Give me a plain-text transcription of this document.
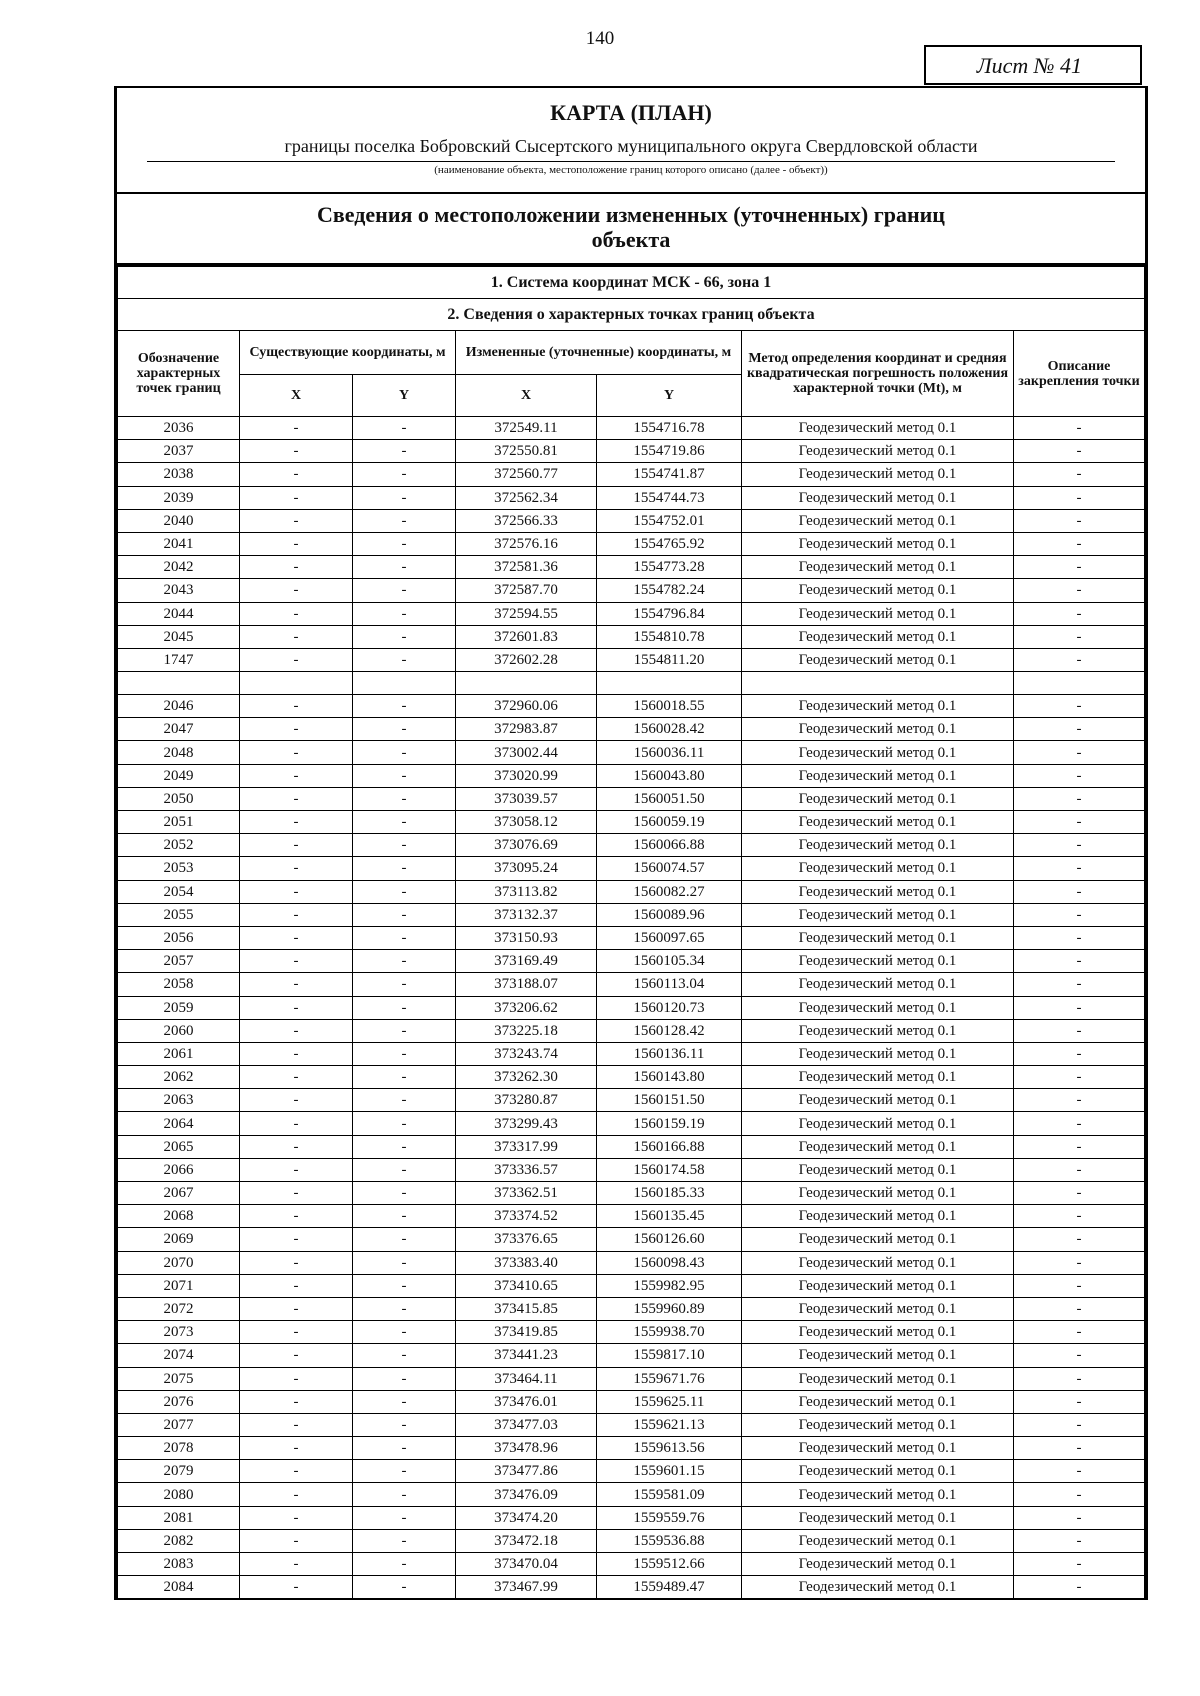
140
Лист № 41
КАРТА (ПЛАН)
границы поселка Бобровский Сысертского муниципального округа Свердловской области
(наименование объекта, местоположение границ которого описано (далее - объект))
Сведения о местоположении измененных (уточненных) границ
объекта
1. Система координат МСК - 66, зона 1						
2. Сведения о характерных точках границ объекта						
Обозначение характерных точек границ	Существующие координаты, м		Измененные (уточненные) координаты, м		Метод определения координат и средняя квадратическая погрешность положения характерной точки (Mt), м	Описание закрепления точки
	X	Y	X	Y		
2036	-	-	372549.11	1554716.78	Геодезический метод 0.1	-
2037	-	-	372550.81	1554719.86	Геодезический метод 0.1	-
2038	-	-	372560.77	1554741.87	Геодезический метод 0.1	-
2039	-	-	372562.34	1554744.73	Геодезический метод 0.1	-
2040	-	-	372566.33	1554752.01	Геодезический метод 0.1	-
2041	-	-	372576.16	1554765.92	Геодезический метод 0.1	-
2042	-	-	372581.36	1554773.28	Геодезический метод 0.1	-
2043	-	-	372587.70	1554782.24	Геодезический метод 0.1	-
2044	-	-	372594.55	1554796.84	Геодезический метод 0.1	-
2045	-	-	372601.83	1554810.78	Геодезический метод 0.1	-
1747	-	-	372602.28	1554811.20	Геодезический метод 0.1	-

2046	-	-	372960.06	1560018.55	Геодезический метод 0.1	-
2047	-	-	372983.87	1560028.42	Геодезический метод 0.1	-
2048	-	-	373002.44	1560036.11	Геодезический метод 0.1	-
2049	-	-	373020.99	1560043.80	Геодезический метод 0.1	-
2050	-	-	373039.57	1560051.50	Геодезический метод 0.1	-
2051	-	-	373058.12	1560059.19	Геодезический метод 0.1	-
2052	-	-	373076.69	1560066.88	Геодезический метод 0.1	-
2053	-	-	373095.24	1560074.57	Геодезический метод 0.1	-
2054	-	-	373113.82	1560082.27	Геодезический метод 0.1	-
2055	-	-	373132.37	1560089.96	Геодезический метод 0.1	-
2056	-	-	373150.93	1560097.65	Геодезический метод 0.1	-
2057	-	-	373169.49	1560105.34	Геодезический метод 0.1	-
2058	-	-	373188.07	1560113.04	Геодезический метод 0.1	-
2059	-	-	373206.62	1560120.73	Геодезический метод 0.1	-
2060	-	-	373225.18	1560128.42	Геодезический метод 0.1	-
2061	-	-	373243.74	1560136.11	Геодезический метод 0.1	-
2062	-	-	373262.30	1560143.80	Геодезический метод 0.1	-
2063	-	-	373280.87	1560151.50	Геодезический метод 0.1	-
2064	-	-	373299.43	1560159.19	Геодезический метод 0.1	-
2065	-	-	373317.99	1560166.88	Геодезический метод 0.1	-
2066	-	-	373336.57	1560174.58	Геодезический метод 0.1	-
2067	-	-	373362.51	1560185.33	Геодезический метод 0.1	-
2068	-	-	373374.52	1560135.45	Геодезический метод 0.1	-
2069	-	-	373376.65	1560126.60	Геодезический метод 0.1	-
2070	-	-	373383.40	1560098.43	Геодезический метод 0.1	-
2071	-	-	373410.65	1559982.95	Геодезический метод 0.1	-
2072	-	-	373415.85	1559960.89	Геодезический метод 0.1	-
2073	-	-	373419.85	1559938.70	Геодезический метод 0.1	-
2074	-	-	373441.23	1559817.10	Геодезический метод 0.1	-
2075	-	-	373464.11	1559671.76	Геодезический метод 0.1	-
2076	-	-	373476.01	1559625.11	Геодезический метод 0.1	-
2077	-	-	373477.03	1559621.13	Геодезический метод 0.1	-
2078	-	-	373478.96	1559613.56	Геодезический метод 0.1	-
2079	-	-	373477.86	1559601.15	Геодезический метод 0.1	-
2080	-	-	373476.09	1559581.09	Геодезический метод 0.1	-
2081	-	-	373474.20	1559559.76	Геодезический метод 0.1	-
2082	-	-	373472.18	1559536.88	Геодезический метод 0.1	-
2083	-	-	373470.04	1559512.66	Геодезический метод 0.1	-
2084	-	-	373467.99	1559489.47	Геодезический метод 0.1	-
